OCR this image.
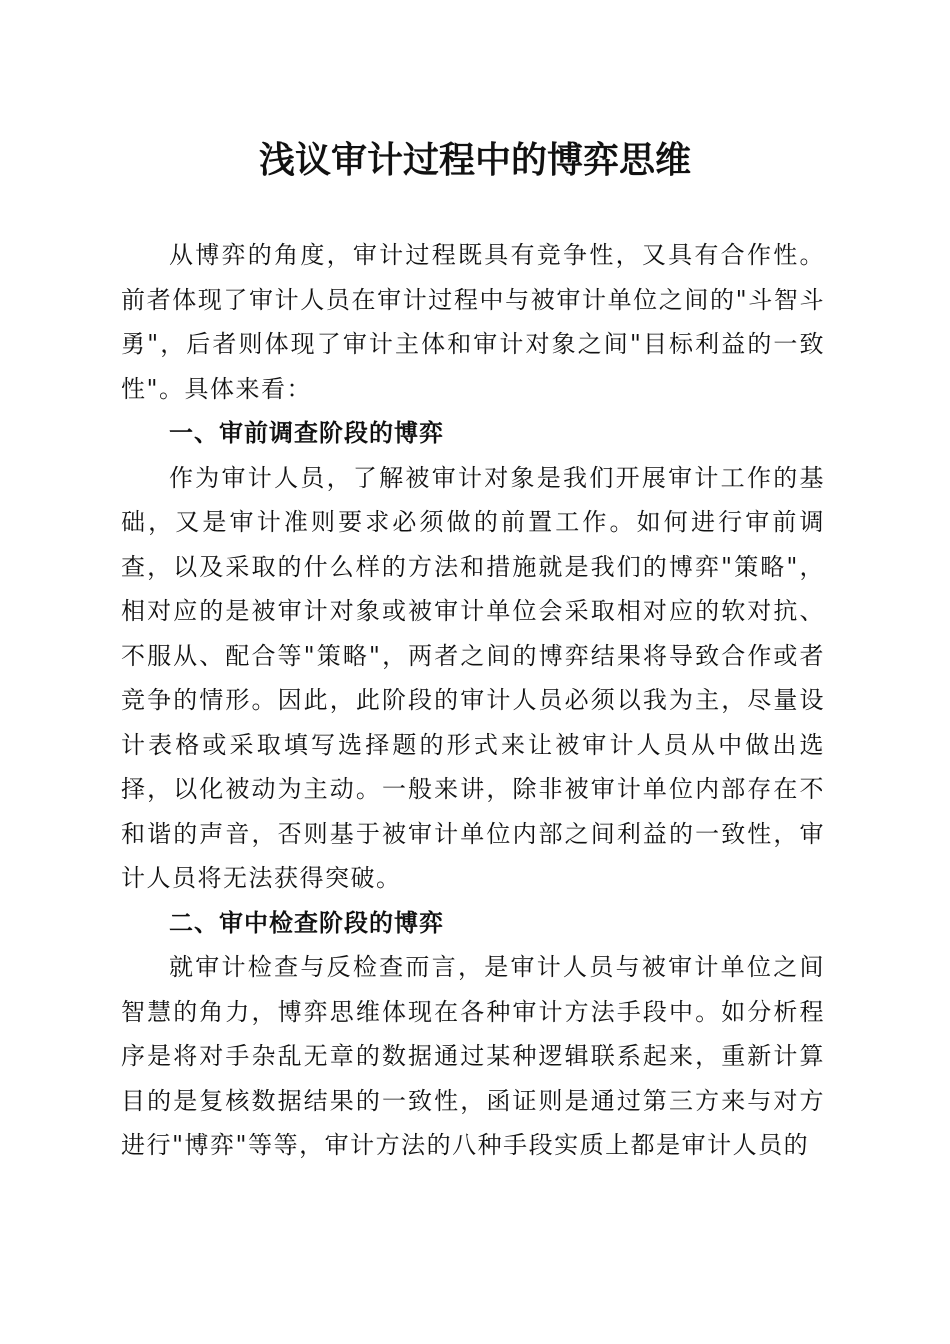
浅议审计过程中的博弈思维

从博弈的角度，审计过程既具有竞争性，又具有合作性。前者体现了审计人员在审计过程中与被审计单位之间的"斗智斗勇"，后者则体现了审计主体和审计对象之间"目标利益的一致性"。具体来看：

一、审前调查阶段的博弈

作为审计人员，了解被审计对象是我们开展审计工作的基础，又是审计准则要求必须做的前置工作。如何进行审前调查，以及采取的什么样的方法和措施就是我们的博弈"策略"，相对应的是被审计对象或被审计单位会采取相对应的软对抗、不服从、配合等"策略"，两者之间的博弈结果将导致合作或者竞争的情形。因此，此阶段的审计人员必须以我为主，尽量设计表格或采取填写选择题的形式来让被审计人员从中做出选择，以化被动为主动。一般来讲，除非被审计单位内部存在不和谐的声音，否则基于被审计单位内部之间利益的一致性，审计人员将无法获得突破。

二、审中检查阶段的博弈

就审计检查与反检查而言，是审计人员与被审计单位之间智慧的角力，博弈思维体现在各种审计方法手段中。如分析程序是将对手杂乱无章的数据通过某种逻辑联系起来，重新计算目的是复核数据结果的一致性，函证则是通过第三方来与对方进行"博弈"等等，审计方法的八种手段实质上都是审计人员的
